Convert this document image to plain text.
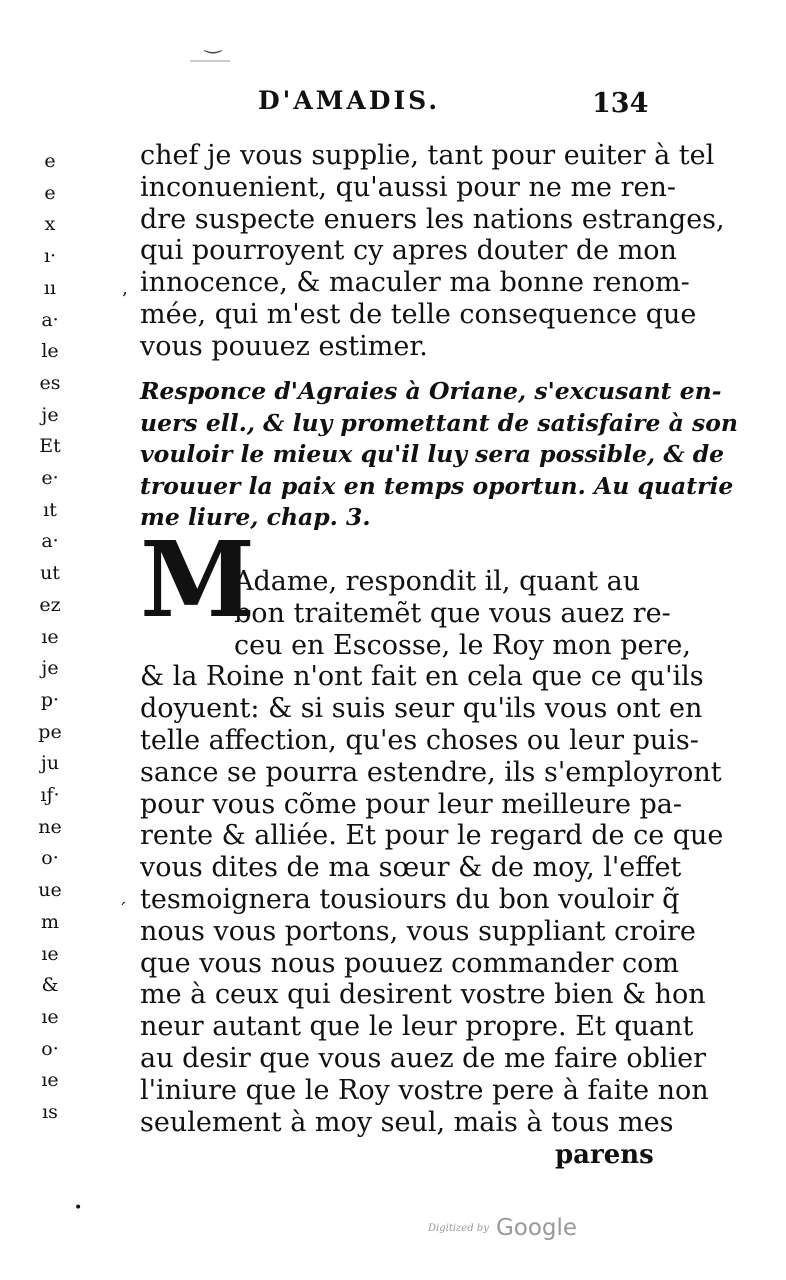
‿
D'AMADIS.	134
e
e
x
ı·
ıı
a·
le
es
je
Et
e·
ıt
a·
ut
ez
ıe
je
p·
pe
ju
ıƒ·
ne
o·
ue
m
ıe
&
ıe
o·
ıe
ıs
‚
ˊ
•
chef je vous supplie, tant pour euiter à tel
inconuenient, qu'aussi pour ne me ren-
dre suspecte enuers les nations estranges,
qui pourroyent cy apres douter de mon
innocence, & maculer ma bonne renom-
mée, qui m'est de telle consequence que
vous pouuez estimer.
Responce d'Agraies à Oriane, s'excusant en-
uers ell., & luy promettant de satisfaire à son
vouloir le mieux qu'il luy sera possible, & de
trouuer la paix en temps oportun. Au quatrie
me liure, chap. 3.
M
Adame, respondit il, quant au
bon traitemẽt que vous auez re-
ceu en Escosse, le Roy mon pere,
& la Roine n'ont fait en cela que ce qu'ils
doyuent: & si suis seur qu'ils vous ont en
telle affection, qu'es choses ou leur puis-
sance se pourra estendre, ils s'employront
pour vous cõme pour leur meilleure pa-
rente & alliée. Et pour le regard de ce que
vous dites de ma sœur & de moy, l'effet
tesmoignera tousiours du bon vouloir q̃
nous vous portons, vous suppliant croire
que vous nous pouuez commander com
me à ceux qui desirent vostre bien & hon
neur autant que le leur propre. Et quant
au desir que vous auez de me faire oblier
l'iniure que le Roy vostre pere à faite non
seulement à moy seul, mais à tous mes
parens
Digitized by Google
